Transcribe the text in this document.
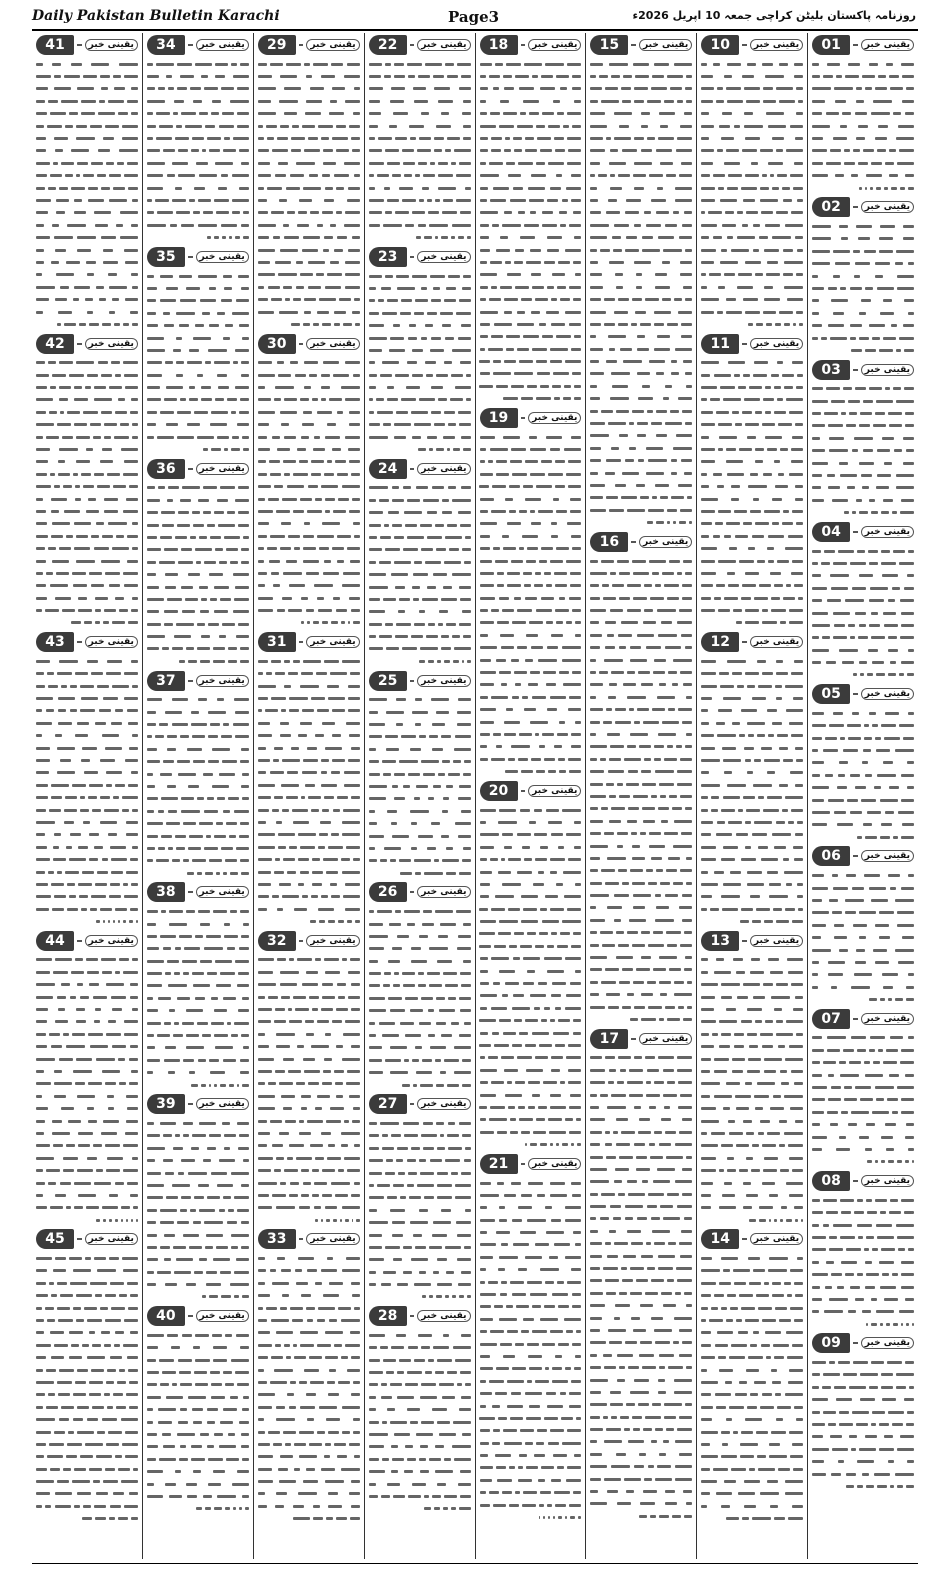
Daily Pakistan Bulletin Karachi	Page3	روزنامہ پاکستان بلیٹن کراچی جمعہ 10 اپریل 2026ء
یقینی خبر
01
یقینی خبر
02
یقینی خبر
03
یقینی خبر
04
یقینی خبر
05
یقینی خبر
06
یقینی خبر
07
یقینی خبر
08
یقینی خبر
09
یقینی خبر
10
یقینی خبر
11
یقینی خبر
12
یقینی خبر
13
یقینی خبر
14
یقینی خبر
15
یقینی خبر
16
یقینی خبر
17
یقینی خبر
18
یقینی خبر
19
یقینی خبر
20
یقینی خبر
21
یقینی خبر
22
یقینی خبر
23
یقینی خبر
24
یقینی خبر
25
یقینی خبر
26
یقینی خبر
27
یقینی خبر
28
یقینی خبر
29
یقینی خبر
30
یقینی خبر
31
یقینی خبر
32
یقینی خبر
33
یقینی خبر
34
یقینی خبر
35
یقینی خبر
36
یقینی خبر
37
یقینی خبر
38
یقینی خبر
39
یقینی خبر
40
یقینی خبر
41
یقینی خبر
42
یقینی خبر
43
یقینی خبر
44
یقینی خبر
45
